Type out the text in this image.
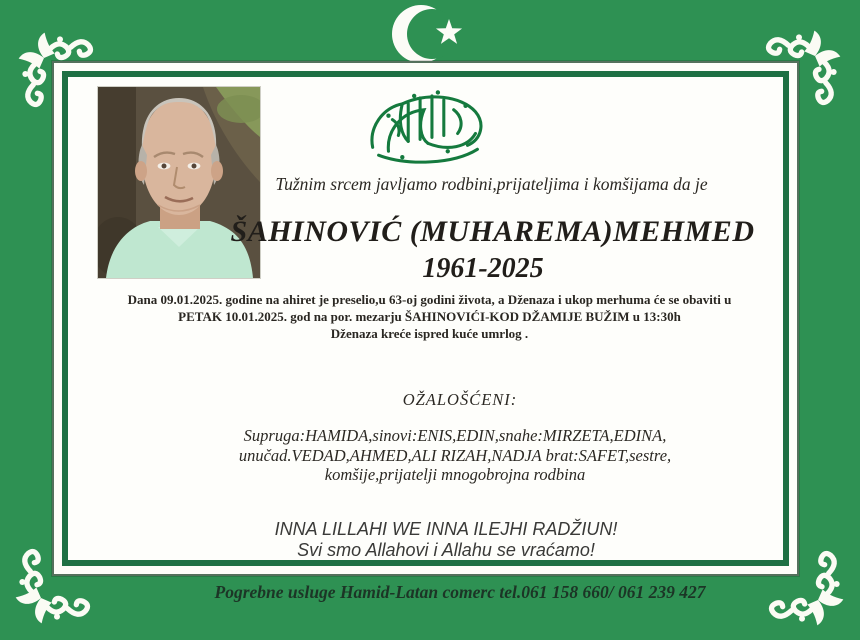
Tužnim srcem javljamo rodbini,prijateljima i komšijama da je
ŠAHINOVIĆ (MUHAREMA)MEHMED
1961-2025
Dana 09.01.2025. godine na ahiret je preselio,u 63-oj godini života, a Dženaza i ukop merhuma će se obaviti u
PETAK 10.01.2025. god na por. mezarju ŠAHINOVIĆI-KOD DŽAMIJE BUŽIM u 13:30h
Dženaza kreće ispred kuće umrlog .
OŽALOŠĆENI:
Supruga:HAMIDA,sinovi:ENIS,EDIN,snahe:MIRZETA,EDINA,
unučad.VEDAD,AHMED,ALI RIZAH,NADJA brat:SAFET,sestre,
komšije,prijatelji mnogobrojna rodbina
INNA LILLAHI WE INNA ILEJHI RADŽIUN!
Svi smo Allahovi i Allahu se vraćamo!
Pogrebne usluge Hamid-Latan comerc tel.061 158 660/ 061 239 427
